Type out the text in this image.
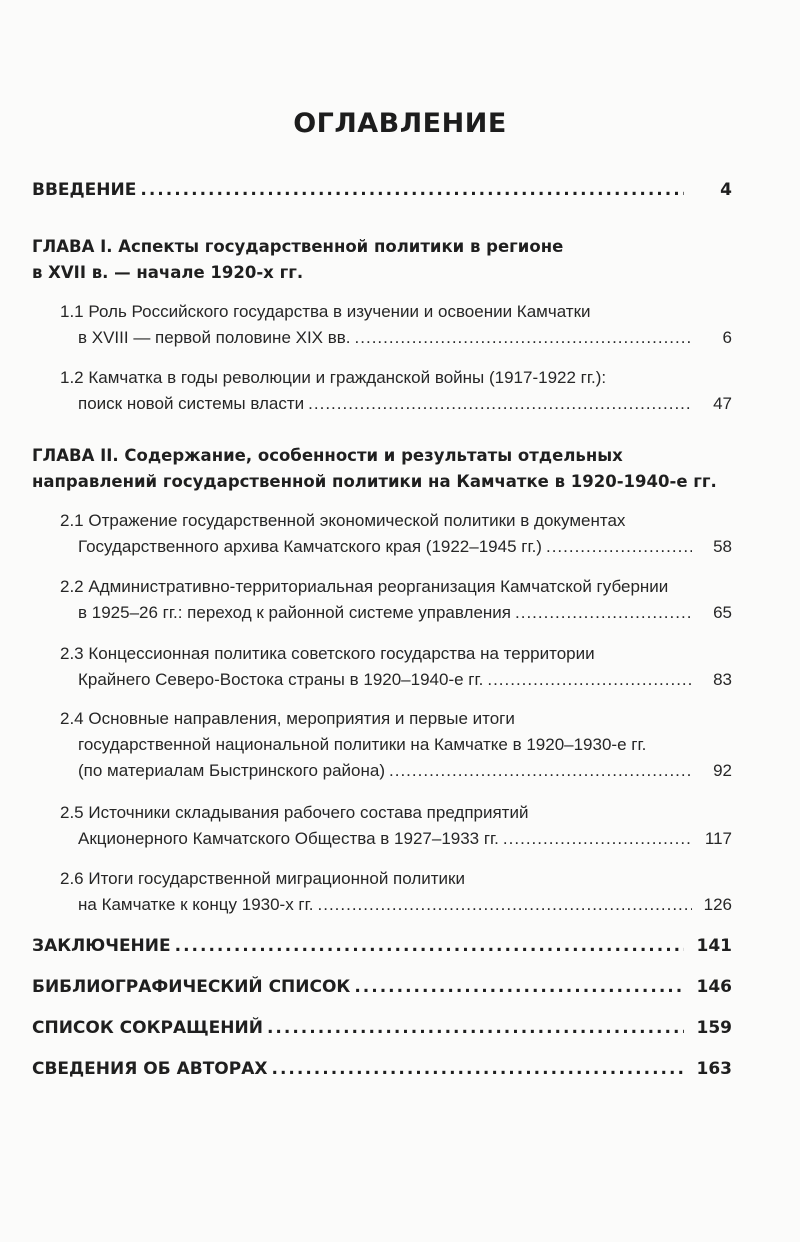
ОГЛАВЛЕНИЕ
ВВЕДЕНИЕ .....	4
ГЛАВА I. Аспекты государственной политики в регионе
в XVII в. — начале 1920-х гг.
1.1 Роль Российского государства в изучении и освоении Камчатки
в XVIII — первой половине XIX вв. .....	6
1.2 Камчатка в годы революции и гражданской войны (1917-1922 гг.):
поиск новой системы власти .....	47
ГЛАВА II. Содержание, особенности и результаты отдельных
направлений государственной политики на Камчатке в 1920-1940-е гг.
2.1 Отражение государственной экономической политики в документах
Государственного архива Камчатского края (1922–1945 гг.) .....	58
2.2 Административно-территориальная реорганизация Камчатской губернии
в 1925–26 гг.: переход к районной системе управления .....	65
2.3 Концессионная политика советского государства на территории
Крайнего Северо-Востока страны в 1920–1940-е гг. .....	83
2.4 Основные направления, мероприятия и первые итоги
государственной национальной политики на Камчатке в 1920–1930-е гг.
(по материалам Быстринского района) .....	92
2.5 Источники складывания рабочего состава предприятий
Акционерного Камчатского Общества в 1927–1933 гг. .....	117
2.6 Итоги государственной миграционной политики
на Камчатке к концу 1930-х гг. .....	126
ЗАКЛЮЧЕНИЕ .....	141
БИБЛИОГРАФИЧЕСКИЙ СПИСОК .....	146
СПИСОК СОКРАЩЕНИЙ .....	159
СВЕДЕНИЯ ОБ АВТОРАХ .....	163
